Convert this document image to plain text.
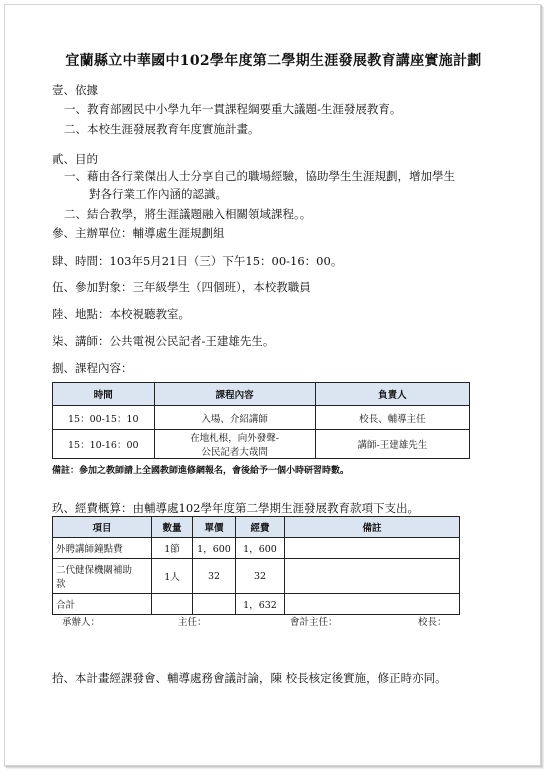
宜蘭縣立中華國中102學年度第二學期生涯發展教育講座實施計劃
壹、依據
一、教育部國民中小學九年一貫課程綱要重大議題-生涯發展教育。
二、本校生涯發展教育年度實施計畫。
貳、目的
一、藉由各行業傑出人士分享自己的職場經驗，協助學生生涯規劃，增加學生
對各行業工作內涵的認識。
二、結合教學，將生涯議題融入相關領域課程。。
參、主辦單位：輔導處生涯規劃組
肆、時間：103年5月21日（三）下午15：00-16：00。
伍、參加對象：三年級學生（四個班），本校教職員
陸、地點：本校視聽教室。
柒、講師：公共電視公民記者-王建雄先生。
捌、課程內容：
時間	課程內容	負責人
15：00-15：10	入場、介紹講師	校長、輔導主任
15：10-16：00	在地札根，向外發聲-
公民記者大哉問	講師-王建雄先生
備註：參加之教師請上全國教師進修網報名，會後給予一個小時研習時數。
玖、經費概算：由輔導處102學年度第二學期生涯發展教育款項下支出。
項目	數量	單價	經費	備註
外聘講師鐘點費	1節	1，600	1，600	

二代健保機關補助
款	1人	32	32	
合計			1，632	
承辦人：	主任：	會計主任：	校長：
拾、本計畫經課發會、輔導處務會議討論，陳 校長核定後實施，修正時亦同。
